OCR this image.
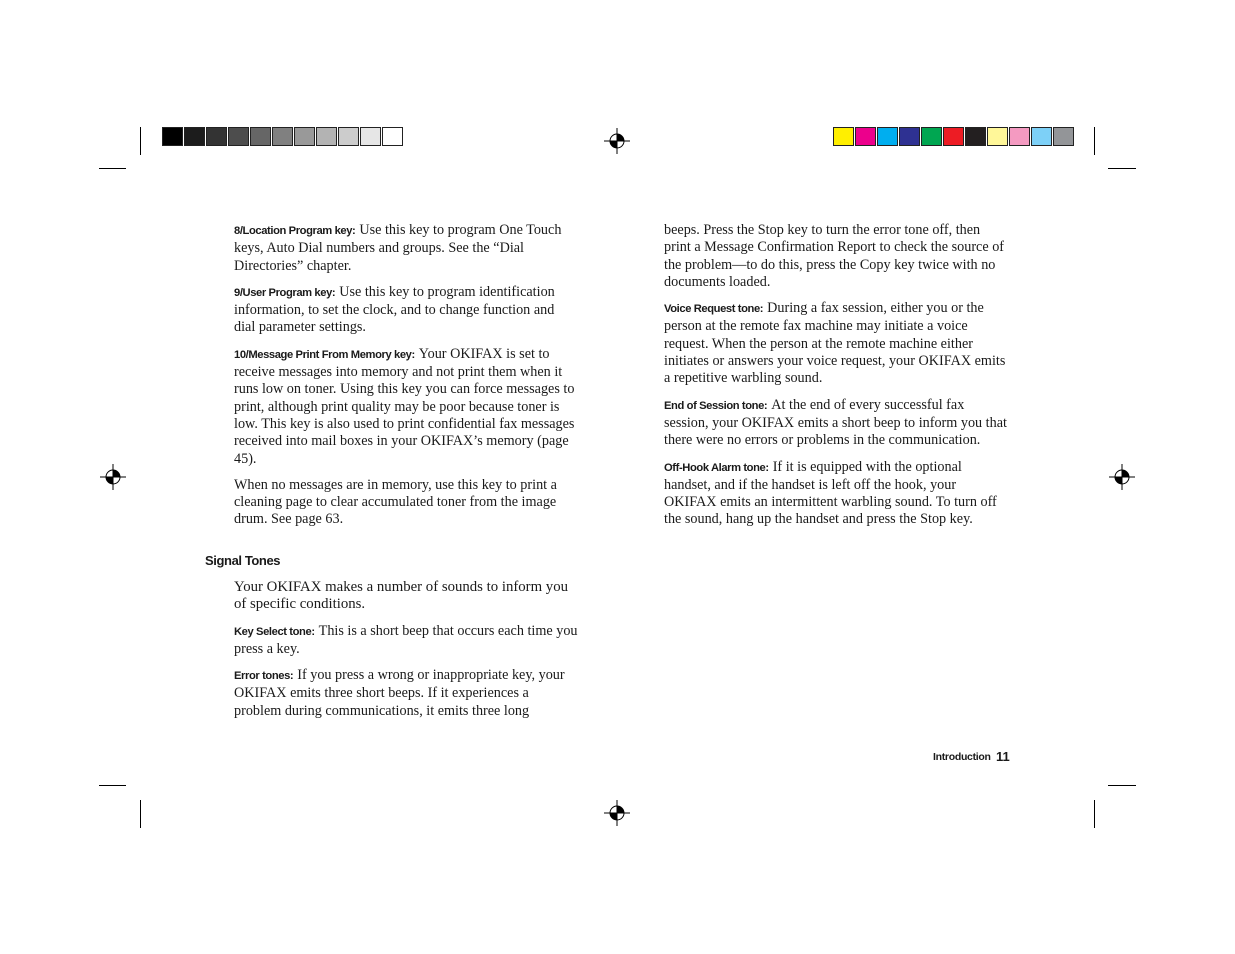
8/Location Program key: Use this key to program One Touch keys, Auto Dial numbers and groups. See the “Dial Directories” chapter.

9/User Program key: Use this key to program identification information, to set the clock, and to change function and dial parameter settings.

10/Message Print From Memory key: Your OKIFAX is set to receive messages into memory and not print them when it runs low on toner. Using this key you can force messages to print, although print quality may be poor because toner is low. This key is also used to print confidential fax messages received into mail boxes in your OKIFAX’s memory (page 45).

When no messages are in memory, use this key to print a cleaning page to clear accumulated toner from the image drum. See page 63.

Signal Tones

Your OKIFAX makes a number of sounds to inform you of specific conditions.

Key Select tone: This is a short beep that occurs each time you press a key.

Error tones: If you press a wrong or inappropriate key, your OKIFAX emits three short beeps. If it experiences a problem during communications, it emits three long

beeps. Press the Stop key to turn the error tone off, then print a Message Confirmation Report to check the source of the problem—to do this, press the Copy key twice with no documents loaded.

Voice Request tone: During a fax session, either you or the person at the remote fax machine may initiate a voice request. When the person at the remote machine either initiates or answers your voice request, your OKIFAX emits a repetitive warbling sound.

End of Session tone: At the end of every successful fax session, your OKIFAX emits a short beep to inform you that there were no errors or problems in the communication.

Off-Hook Alarm tone: If it is equipped with the optional handset, and if the handset is left off the hook, your OKIFAX emits an intermittent warbling sound. To turn off the sound, hang up the handset and press the Stop key.

Introduction 11
